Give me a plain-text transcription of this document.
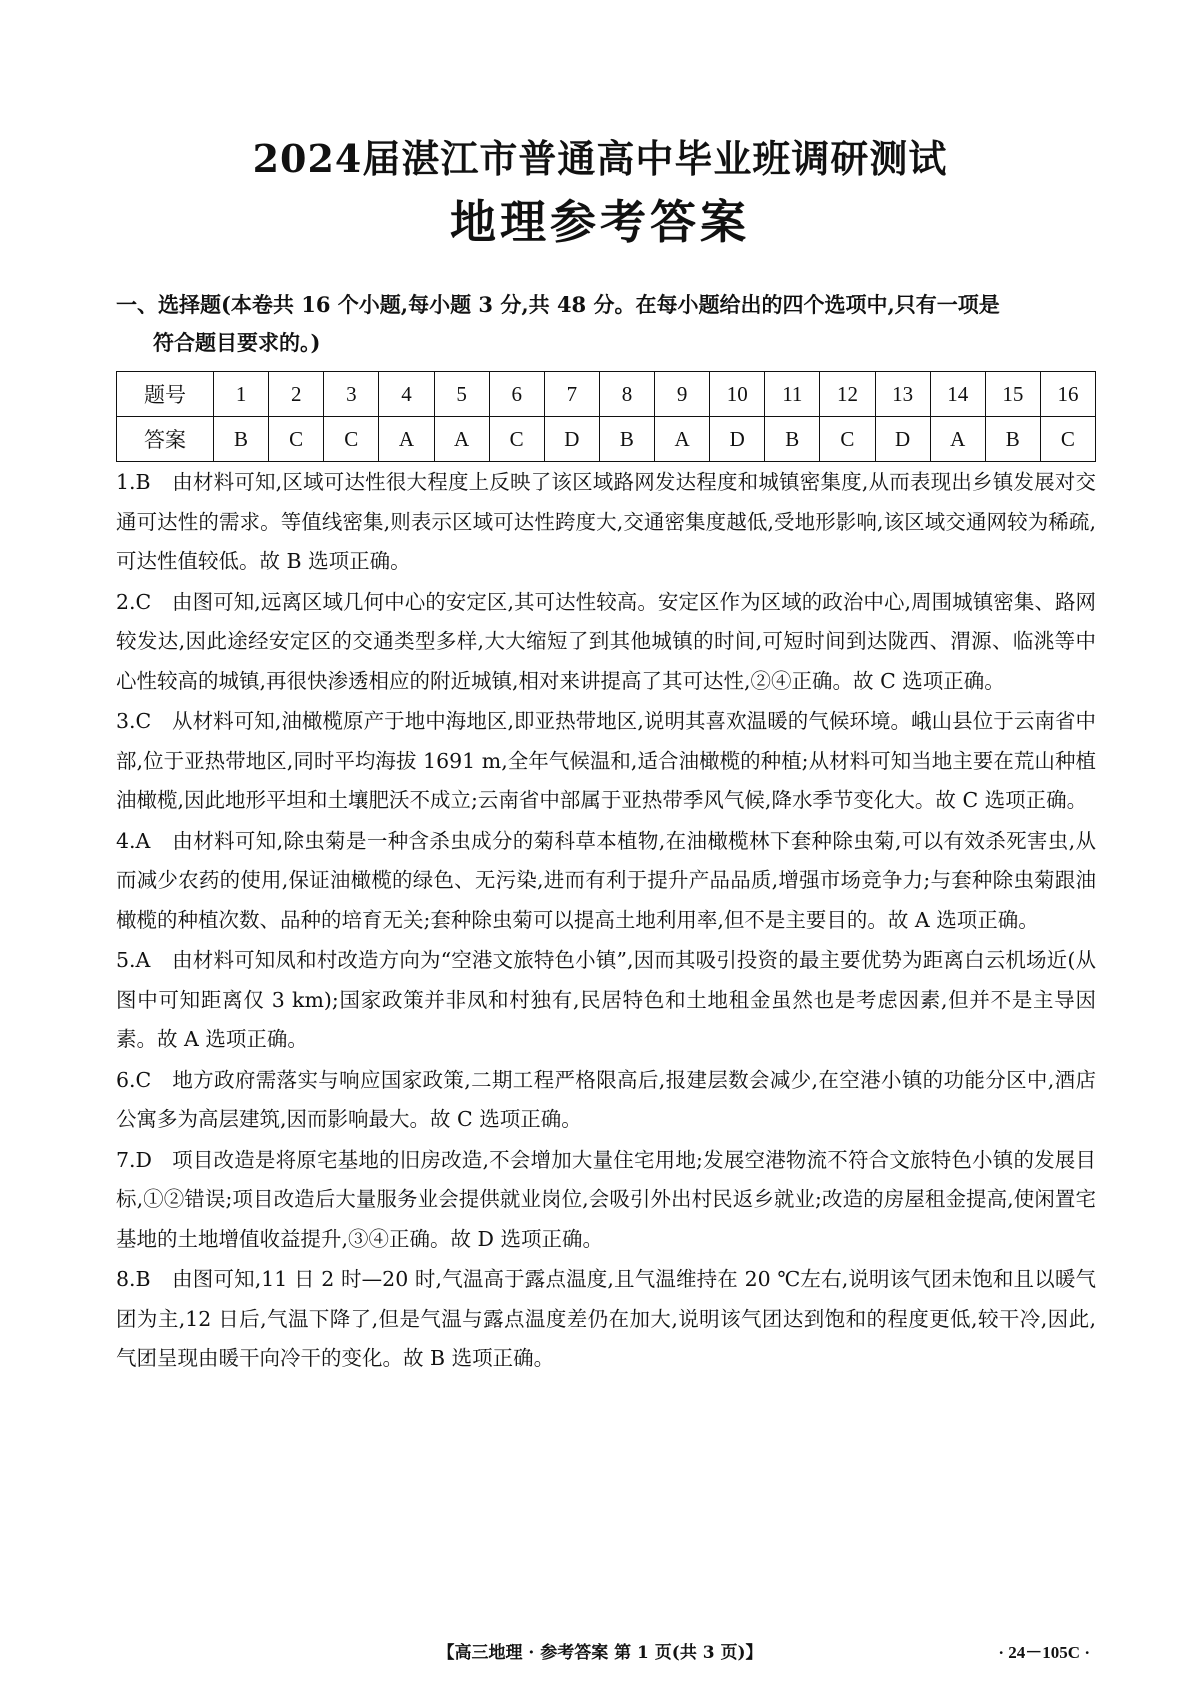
2024届湛江市普通高中毕业班调研测试
地理参考答案
一、选择题(本卷共 16 个小题,每小题 3 分,共 48 分。在每小题给出的四个选项中,只有一项是
符合题目要求的。)
题号	1	2	3	4	5	6	7	8	9	10	11	12	13	14	15	16
答案	B	C	C	A	A	C	D	B	A	D	B	C	D	A	B	C
1.B 由材料可知,区域可达性很大程度上反映了该区域路网发达程度和城镇密集度,从而表现出乡镇发展对交通可达性的需求。等值线密集,则表示区域可达性跨度大,交通密集度越低,受地形影响,该区域交通网较为稀疏,可达性值较低。故 B 选项正确。
2.C 由图可知,远离区域几何中心的安定区,其可达性较高。安定区作为区域的政治中心,周围城镇密集、路网较发达,因此途经安定区的交通类型多样,大大缩短了到其他城镇的时间,可短时间到达陇西、渭源、临洮等中心性较高的城镇,再很快渗透相应的附近城镇,相对来讲提高了其可达性,②④正确。故 C 选项正确。
3.C 从材料可知,油橄榄原产于地中海地区,即亚热带地区,说明其喜欢温暖的气候环境。峨山县位于云南省中部,位于亚热带地区,同时平均海拔 1691 m,全年气候温和,适合油橄榄的种植;从材料可知当地主要在荒山种植油橄榄,因此地形平坦和土壤肥沃不成立;云南省中部属于亚热带季风气候,降水季节变化大。故 C 选项正确。
4.A 由材料可知,除虫菊是一种含杀虫成分的菊科草本植物,在油橄榄林下套种除虫菊,可以有效杀死害虫,从而减少农药的使用,保证油橄榄的绿色、无污染,进而有利于提升产品品质,增强市场竞争力;与套种除虫菊跟油橄榄的种植次数、品种的培育无关;套种除虫菊可以提高土地利用率,但不是主要目的。故 A 选项正确。
5.A 由材料可知凤和村改造方向为“空港文旅特色小镇”,因而其吸引投资的最主要优势为距离白云机场近(从图中可知距离仅 3 km);国家政策并非凤和村独有,民居特色和土地租金虽然也是考虑因素,但并不是主导因素。故 A 选项正确。
6.C 地方政府需落实与响应国家政策,二期工程严格限高后,报建层数会减少,在空港小镇的功能分区中,酒店公寓多为高层建筑,因而影响最大。故 C 选项正确。
7.D 项目改造是将原宅基地的旧房改造,不会增加大量住宅用地;发展空港物流不符合文旅特色小镇的发展目标,①②错误;项目改造后大量服务业会提供就业岗位,会吸引外出村民返乡就业;改造的房屋租金提高,使闲置宅基地的土地增值收益提升,③④正确。故 D 选项正确。
8.B 由图可知,11 日 2 时—20 时,气温高于露点温度,且气温维持在 20 ℃左右,说明该气团未饱和且以暖气团为主,12 日后,气温下降了,但是气温与露点温度差仍在加大,说明该气团达到饱和的程度更低,较干冷,因此,气团呈现由暖干向冷干的变化。故 B 选项正确。
【高三地理 · 参考答案 第 1 页(共 3 页)】	· 24－105C ·
